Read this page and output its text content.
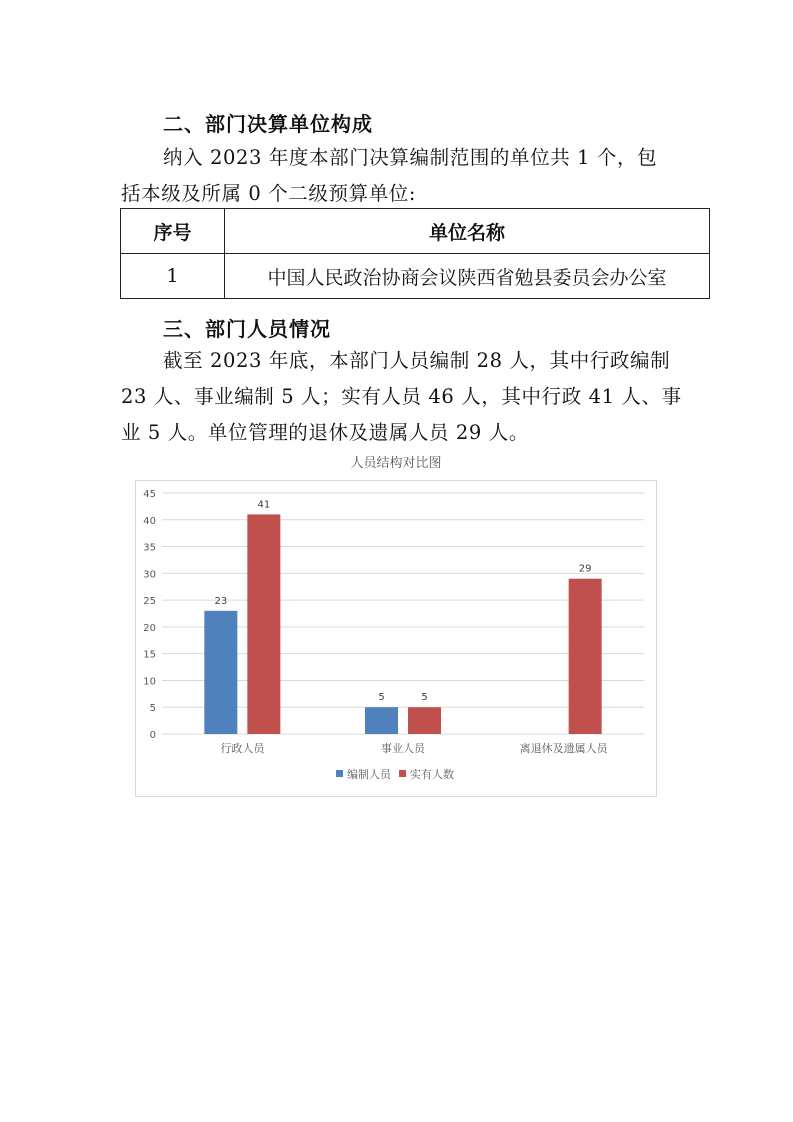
二、部门决算单位构成
纳入 2023 年度本部门决算编制范围的单位共 1 个，包
括本级及所属 0 个二级预算单位:
序号	单位名称
1	中国人民政治协商会议陕西省勉县委员会办公室
三、部门人员情况
截至 2023 年底，本部门人员编制 28 人，其中行政编制
23 人、事业编制 5 人；实有人员 46 人，其中行政 41 人、事
业 5 人。单位管理的退休及遗属人员 29 人。
人员结构对比图
0
5
10
15
20
25
30
35
40
45
23
41
行政人员
5	5
事业人员
29
离退休及遗属人员
编制人员 实有人数
